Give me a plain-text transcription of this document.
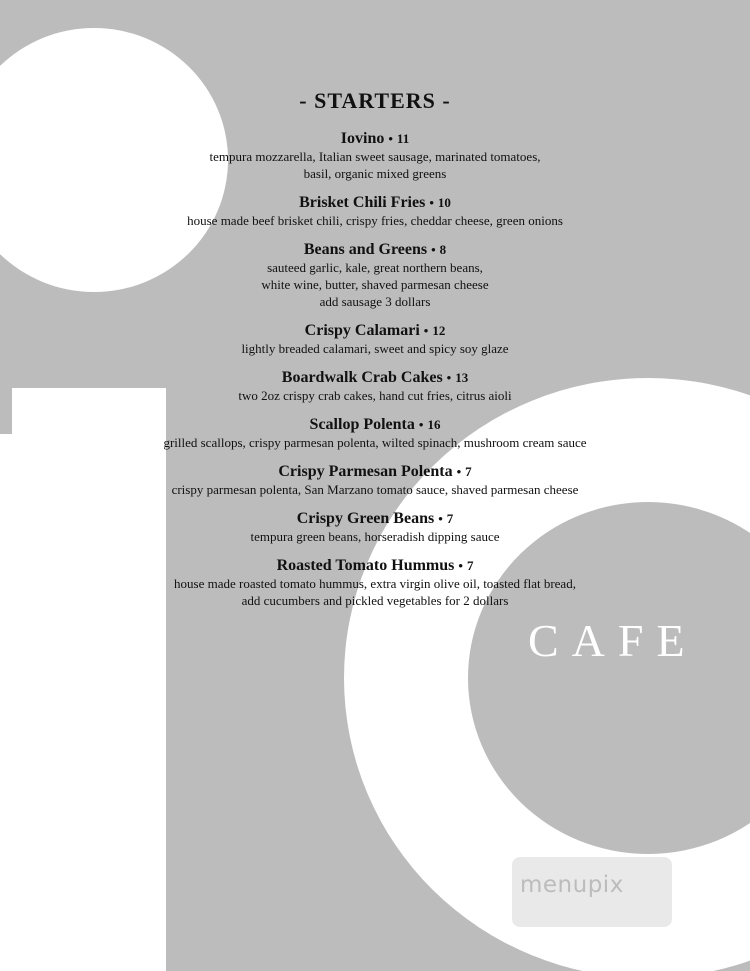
CAFE
menupix
- STARTERS -
Iovino • 11
tempura mozzarella, Italian sweet sausage, marinated tomatoes,
basil, organic mixed greens
Brisket Chili Fries • 10
house made beef brisket chili, crispy fries, cheddar cheese, green onions
Beans and Greens • 8
sauteed garlic, kale, great northern beans,
white wine, butter, shaved parmesan cheese
add sausage 3 dollars
Crispy Calamari • 12
lightly breaded calamari, sweet and spicy soy glaze
Boardwalk Crab Cakes • 13
two 2oz crispy crab cakes, hand cut fries, citrus aioli
Scallop Polenta • 16
grilled scallops, crispy parmesan polenta, wilted spinach, mushroom cream sauce
Crispy Parmesan Polenta • 7
crispy parmesan polenta, San Marzano tomato sauce, shaved parmesan cheese
Crispy Green Beans • 7
tempura green beans, horseradish dipping sauce
Roasted Tomato Hummus • 7
house made roasted tomato hummus, extra virgin olive oil, toasted flat bread,
add cucumbers and pickled vegetables for 2 dollars
